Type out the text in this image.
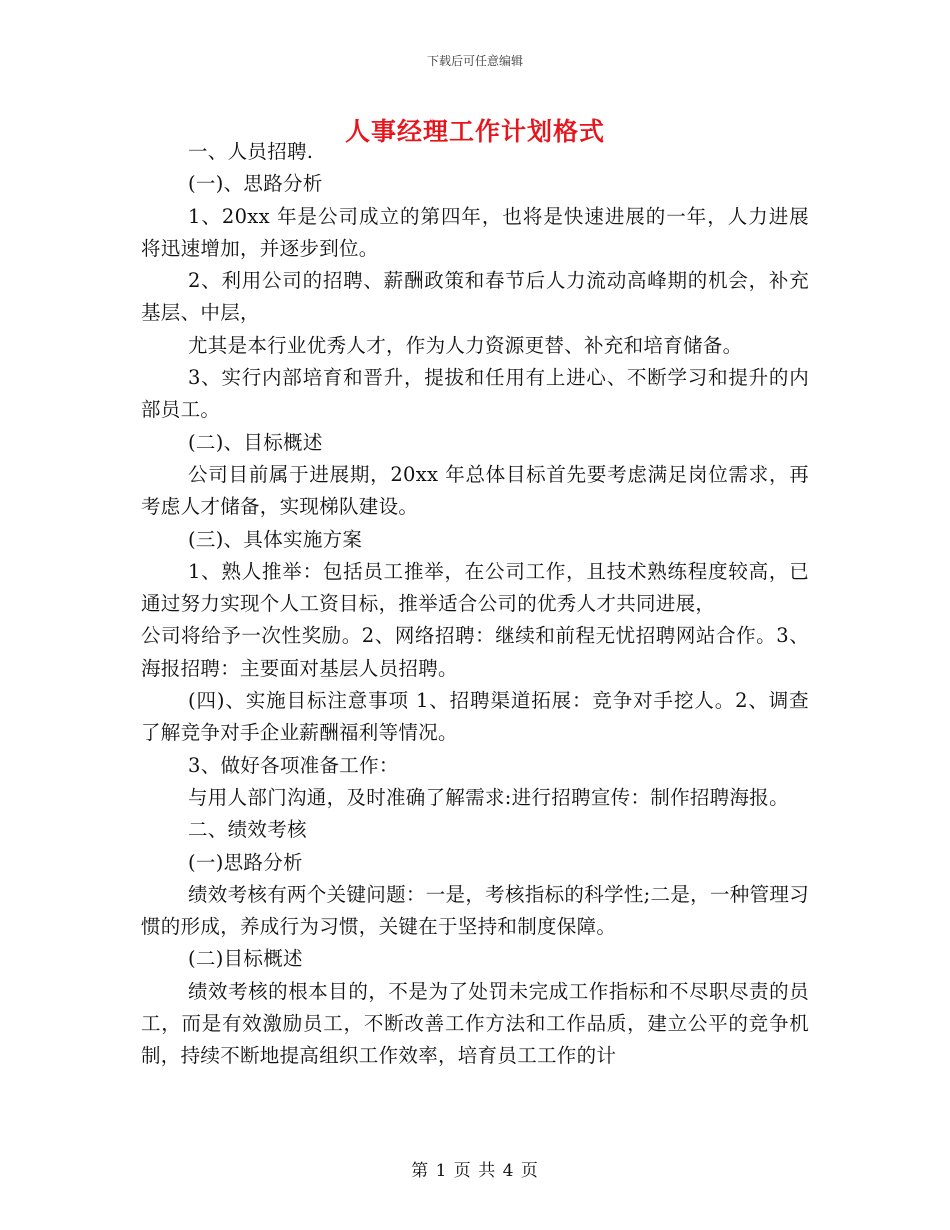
下载后可任意编辑
人事经理工作计划格式

一、人员招聘.

(一)、思路分析

1、20xx 年是公司成立的第四年，也将是快速进展的一年，人力进展将迅速增加，并逐步到位。

2、利用公司的招聘、薪酬政策和春节后人力流动高峰期的机会，补充基层、中层，

尤其是本行业优秀人才，作为人力资源更替、补充和培育储备。

3、实行内部培育和晋升，提拔和任用有上进心、不断学习和提升的内部员工。

(二)、目标概述

公司目前属于进展期，20xx 年总体目标首先要考虑满足岗位需求，再考虑人才储备，实现梯队建设。

(三)、具体实施方案

1、熟人推举：包括员工推举，在公司工作，且技术熟练程度较高，已通过努力实现个人工资目标，推举适合公司的优秀人才共同进展，

公司将给予一次性奖励。2、网络招聘：继续和前程无忧招聘网站合作。3、海报招聘：主要面对基层人员招聘。

(四)、实施目标注意事项 1、招聘渠道拓展：竞争对手挖人。2、调查了解竞争对手企业薪酬福利等情况。

3、做好各项准备工作：

与用人部门沟通，及时准确了解需求:进行招聘宣传：制作招聘海报。

二、绩效考核

(一)思路分析

绩效考核有两个关键问题：一是，考核指标的科学性;二是，一种管理习惯的形成，养成行为习惯，关键在于坚持和制度保障。

(二)目标概述

绩效考核的根本目的，不是为了处罚未完成工作指标和不尽职尽责的员工，而是有效激励员工，不断改善工作方法和工作品质，建立公平的竞争机制，持续不断地提高组织工作效率，培育员工工作的计

第 1 页 共 4 页
